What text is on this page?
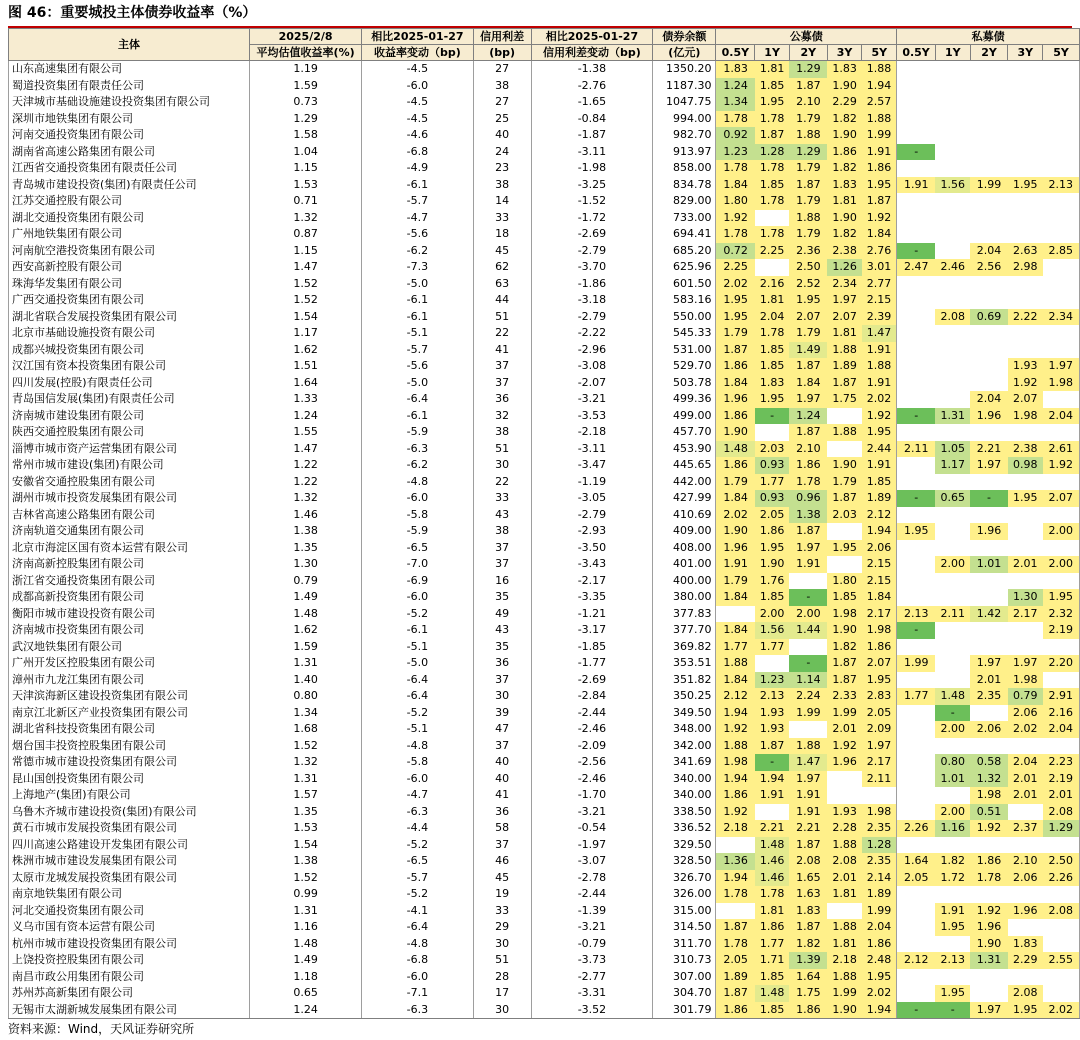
图 46：重要城投主体债券收益率（%）
主体	2025/2/8	相比2025-01-27	信用利差	相比2025-01-27	债券余额	公募债					私募债				
	平均估值收益率(%)	收益率变动（bp)	(bp)	信用利差变动（bp)	(亿元)	0.5Y	1Y	2Y	3Y	5Y	0.5Y	1Y	2Y	3Y	5Y
山东高速集团有限公司	1.19	-4.5	27	-1.38	1350.20	1.83	1.81	1.29	1.83	1.88					
蜀道投资集团有限责任公司	1.59	-6.0	38	-2.76	1187.30	1.24	1.85	1.87	1.90	1.94					
天津城市基础设施建设投资集团有限公司	0.73	-4.5	27	-1.65	1047.75	1.34	1.95	2.10	2.29	2.57					
深圳市地铁集团有限公司	1.29	-4.5	25	-0.84	994.00	1.78	1.78	1.79	1.82	1.88					
河南交通投资集团有限公司	1.58	-4.6	40	-1.87	982.70	0.92	1.87	1.88	1.90	1.99					
湖南省高速公路集团有限公司	1.04	-6.8	24	-3.11	913.97	1.23	1.28	1.29	1.86	1.91	-				
江西省交通投资集团有限责任公司	1.15	-4.9	23	-1.98	858.00	1.78	1.78	1.79	1.82	1.86					
青岛城市建设投资(集团)有限责任公司	1.53	-6.1	38	-3.25	834.78	1.84	1.85	1.87	1.83	1.95	1.91	1.56	1.99	1.95	2.13
江苏交通控股有限公司	0.71	-5.7	14	-1.52	829.00	1.80	1.78	1.79	1.81	1.87					
湖北交通投资集团有限公司	1.32	-4.7	33	-1.72	733.00	1.92		1.88	1.90	1.92					
广州地铁集团有限公司	0.87	-5.6	18	-2.69	694.41	1.78	1.78	1.79	1.82	1.84					
河南航空港投资集团有限公司	1.15	-6.2	45	-2.79	685.20	0.72	2.25	2.36	2.38	2.76	-		2.04	2.63	2.85
西安高新控股有限公司	1.47	-7.3	62	-3.70	625.96	2.25		2.50	1.26	3.01	2.47	2.46	2.56	2.98	
珠海华发集团有限公司	1.52	-5.0	63	-1.86	601.50	2.02	2.16	2.52	2.34	2.77					
广西交通投资集团有限公司	1.52	-6.1	44	-3.18	583.16	1.95	1.81	1.95	1.97	2.15					
湖北省联合发展投资集团有限公司	1.54	-6.1	51	-2.79	550.00	1.95	2.04	2.07	2.07	2.39		2.08	0.69	2.22	2.34
北京市基础设施投资有限公司	1.17	-5.1	22	-2.22	545.33	1.79	1.78	1.79	1.81	1.47					
成都兴城投资集团有限公司	1.62	-5.7	41	-2.96	531.00	1.87	1.85	1.49	1.88	1.91					
汉江国有资本投资集团有限公司	1.51	-5.6	37	-3.08	529.70	1.86	1.85	1.87	1.89	1.88				1.93	1.97
四川发展(控股)有限责任公司	1.64	-5.0	37	-2.07	503.78	1.84	1.83	1.84	1.87	1.91				1.92	1.98
青岛国信发展(集团)有限责任公司	1.33	-6.4	36	-3.21	499.36	1.96	1.95	1.97	1.75	2.02			2.04	2.07	
济南城市建设集团有限公司	1.24	-6.1	32	-3.53	499.00	1.86	-	1.24		1.92	-	1.31	1.96	1.98	2.04
陕西交通控股集团有限公司	1.55	-5.9	38	-2.18	457.70	1.90		1.87	1.88	1.95					
淄博市城市资产运营集团有限公司	1.47	-6.3	51	-3.11	453.90	1.48	2.03	2.10		2.44	2.11	1.05	2.21	2.38	2.61
常州市城市建设(集团)有限公司	1.22	-6.2	30	-3.47	445.65	1.86	0.93	1.86	1.90	1.91		1.17	1.97	0.98	1.92
安徽省交通控股集团有限公司	1.22	-4.8	22	-1.19	442.00	1.79	1.77	1.78	1.79	1.85					
湖州市城市投资发展集团有限公司	1.32	-6.0	33	-3.05	427.99	1.84	0.93	0.96	1.87	1.89	-	0.65	-	1.95	2.07
吉林省高速公路集团有限公司	1.46	-5.8	43	-2.79	410.69	2.02	2.05	1.38	2.03	2.12					
济南轨道交通集团有限公司	1.38	-5.9	38	-2.93	409.00	1.90	1.86	1.87		1.94	1.95		1.96		2.00
北京市海淀区国有资本运营有限公司	1.35	-6.5	37	-3.50	408.00	1.96	1.95	1.97	1.95	2.06					
济南高新控股集团有限公司	1.30	-7.0	37	-3.43	401.00	1.91	1.90	1.91		2.15		2.00	1.01	2.01	2.00
浙江省交通投资集团有限公司	0.79	-6.9	16	-2.17	400.00	1.79	1.76		1.80	2.15					
成都高新投资集团有限公司	1.49	-6.0	35	-3.35	380.00	1.84	1.85	-	1.85	1.84				1.30	1.95
衡阳市城市建设投资有限公司	1.48	-5.2	49	-1.21	377.83		2.00	2.00	1.98	2.17	2.13	2.11	1.42	2.17	2.32
济南城市投资集团有限公司	1.62	-6.1	43	-3.17	377.70	1.84	1.56	1.44	1.90	1.98	-				2.19
武汉地铁集团有限公司	1.59	-5.1	35	-1.85	369.82	1.77	1.77		1.82	1.86					
广州开发区控股集团有限公司	1.31	-5.0	36	-1.77	353.51	1.88		-	1.87	2.07	1.99		1.97	1.97	2.20
漳州市九龙江集团有限公司	1.40	-6.4	37	-2.69	351.82	1.84	1.23	1.14	1.87	1.95			2.01	1.98	
天津滨海新区建设投资集团有限公司	0.80	-6.4	30	-2.84	350.25	2.12	2.13	2.24	2.33	2.83	1.77	1.48	2.35	0.79	2.91
南京江北新区产业投资集团有限公司	1.34	-5.2	39	-2.44	349.50	1.94	1.93	1.99	1.99	2.05		-		2.06	2.16
湖北省科技投资集团有限公司	1.68	-5.1	47	-2.46	348.00	1.92	1.93		2.01	2.09		2.00	2.06	2.02	2.04
烟台国丰投资控股集团有限公司	1.52	-4.8	37	-2.09	342.00	1.88	1.87	1.88	1.92	1.97					
常德市城市建设投资集团有限公司	1.32	-5.8	40	-2.56	341.69	1.98	-	1.47	1.96	2.17		0.80	0.58	2.04	2.23
昆山国创投资集团有限公司	1.31	-6.0	40	-2.46	340.00	1.94	1.94	1.97		2.11		1.01	1.32	2.01	2.19
上海地产(集团)有限公司	1.57	-4.7	41	-1.70	340.00	1.86	1.91	1.91					1.98	2.01	2.01
乌鲁木齐城市建设投资(集团)有限公司	1.35	-6.3	36	-3.21	338.50	1.92		1.91	1.93	1.98		2.00	0.51		2.08
黄石市城市发展投资集团有限公司	1.53	-4.4	58	-0.54	336.52	2.18	2.21	2.21	2.28	2.35	2.26	1.16	1.92	2.37	1.29
四川高速公路建设开发集团有限公司	1.54	-5.2	37	-1.97	329.50		1.48	1.87	1.88	1.28					
株洲市城市建设发展集团有限公司	1.38	-6.5	46	-3.07	328.50	1.36	1.46	2.08	2.08	2.35	1.64	1.82	1.86	2.10	2.50
太原市龙城发展投资集团有限公司	1.52	-5.7	45	-2.78	326.70	1.94	1.46	1.65	2.01	2.14	2.05	1.72	1.78	2.06	2.26
南京地铁集团有限公司	0.99	-5.2	19	-2.44	326.00	1.78	1.78	1.63	1.81	1.89					
河北交通投资集团有限公司	1.31	-4.1	33	-1.39	315.00		1.81	1.83		1.99		1.91	1.92	1.96	2.08
义乌市国有资本运营有限公司	1.16	-6.4	29	-3.21	314.50	1.87	1.86	1.87	1.88	2.04		1.95	1.96		
杭州市城市建设投资集团有限公司	1.48	-4.8	30	-0.79	311.70	1.78	1.77	1.82	1.81	1.86			1.90	1.83	
上饶投资控股集团有限公司	1.49	-6.8	51	-3.73	310.73	2.05	1.71	1.39	2.18	2.48	2.12	2.13	1.31	2.29	2.55
南昌市政公用集团有限公司	1.18	-6.0	28	-2.77	307.00	1.89	1.85	1.64	1.88	1.95					
苏州苏高新集团有限公司	0.65	-7.1	17	-3.31	304.70	1.87	1.48	1.75	1.99	2.02		1.95		2.08	
无锡市太湖新城发展集团有限公司	1.24	-6.3	30	-3.52	301.79	1.86	1.85	1.86	1.90	1.94	-	-	1.97	1.95	2.02
资料来源：Wind，天风证券研究所
